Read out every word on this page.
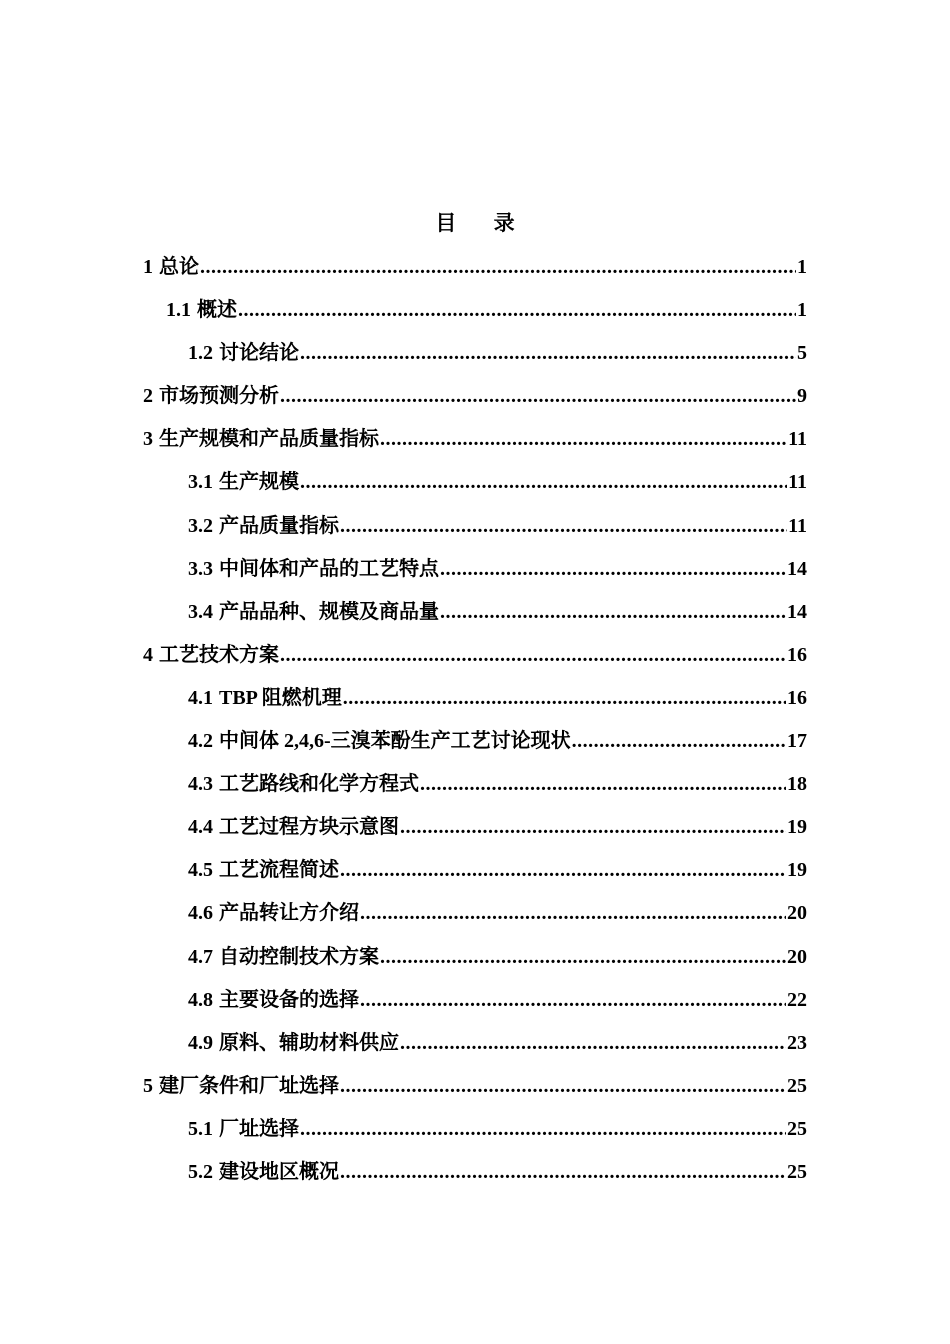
目 录
1 总论 .....	1
1.1 概述 .....	1
1.2 讨论结论 .....	5
2 市场预测分析 .....	9
3 生产规模和产品质量指标 .....	11
3.1 生产规模 .....	11
3.2 产品质量指标 .....	11
3.3 中间体和产品的工艺特点 .....	14
3.4 产品品种、规模及商品量 .....	14
4 工艺技术方案 .....	16
4.1 TBP 阻燃机理 .....	16
4.2 中间体 2,4,6-三溴苯酚生产工艺讨论现状 .....	17
4.3 工艺路线和化学方程式 .....	18
4.4 工艺过程方块示意图 .....	19
4.5 工艺流程简述 .....	19
4.6 产品转让方介绍 .....	20
4.7 自动控制技术方案 .....	20
4.8 主要设备的选择 .....	22
4.9 原料、辅助材料供应 .....	23
5 建厂条件和厂址选择 .....	25
5.1 厂址选择 .....	25
5.2 建设地区概况 .....	25
